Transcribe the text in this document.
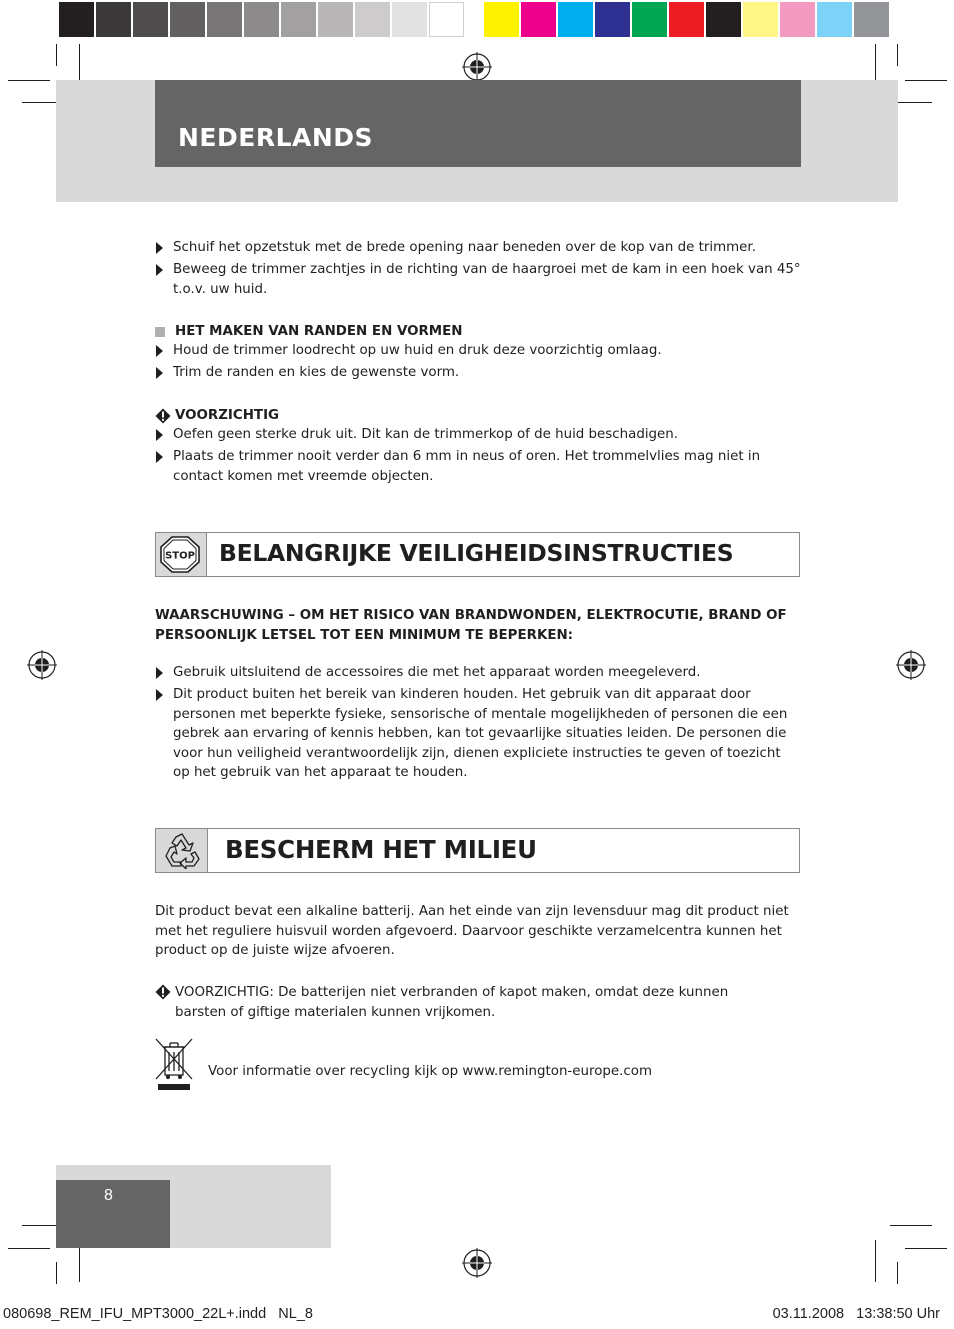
NEDERLANDS
Schuif het opzetstuk met de brede opening naar beneden over de kop van de trimmer.
Beweeg de trimmer zachtjes in de richting van de haargroei met de kam in een hoek van 45° t.o.v. uw huid.
HET MAKEN VAN RANDEN EN VORMEN
Houd de trimmer loodrecht op uw huid en druk deze voorzichtig omlaag.
Trim de randen en kies de gewenste vorm.
VOORZICHTIG
Oefen geen sterke druk uit. Dit kan de trimmerkop of de huid beschadigen.
Plaats de trimmer nooit verder dan 6 mm in neus of oren. Het trommelvlies mag niet in contact komen met vreemde objecten.
STOP BELANGRIJKE VEILIGHEIDSINSTRUCTIES

WAARSCHUWING – OM HET RISICO VAN BRANDWONDEN, ELEKTROCUTIE, BRAND OF PERSOONLIJK LETSEL TOT EEN MINIMUM TE BEPERKEN:

Gebruik uitsluitend de accessoires die met het apparaat worden meegeleverd.
Dit product buiten het bereik van kinderen houden. Het gebruik van dit apparaat door personen met beperkte fysieke, sensorische of mentale mogelijkheden of personen die een gebrek aan ervaring of kennis hebben, kan tot gevaarlijke situaties leiden. De personen die voor hun veiligheid verantwoordelijk zijn, dienen expliciete instructies te geven of toezicht op het gebruik van het apparaat te houden.
BESCHERM HET MILIEU

Dit product bevat een alkaline batterij. Aan het einde van zijn levensduur mag dit product niet met het reguliere huisvuil worden afgevoerd. Daarvoor geschikte verzamelcentra kunnen het product op de juiste wijze afvoeren.

VOORZICHTIG: De batterijen niet verbranden of kapot maken, omdat deze kunnen barsten of giftige materialen kunnen vrijkomen.

Voor informatie over recycling kijk op www.remington-europe.com

8
080698_REM_IFU_MPT3000_22L+.indd   NL_8	03.11.2008   13:38:50 Uhr
